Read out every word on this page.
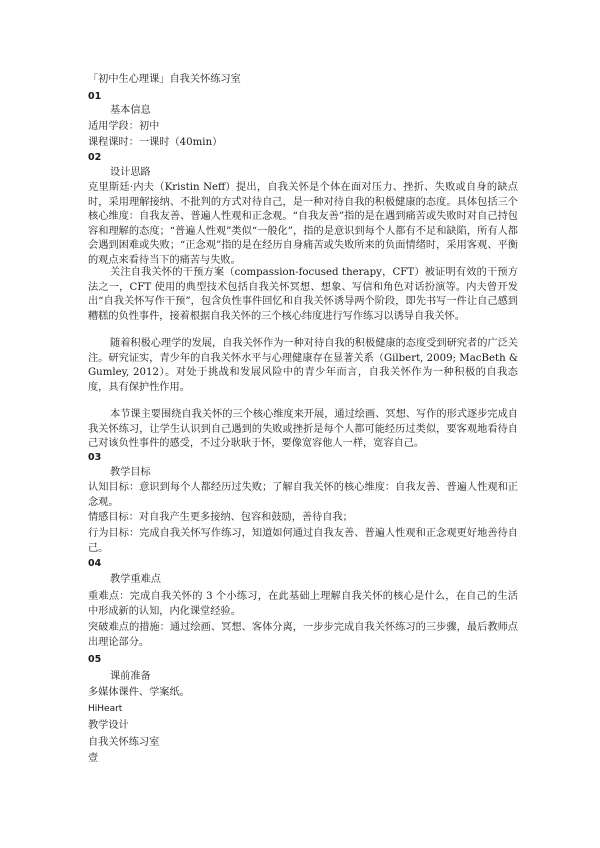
「初中生心理课」自我关怀练习室
01
基本信息
适用学段：初中
课程课时：一课时（40min）
02
设计思路
克里斯廷·内夫（Kristin Neff）提出，自我关怀是个体在面对压力、挫折、失败或自身的缺点时，采用理解接纳、不批判的方式对待自己，是一种对待自我的积极健康的态度。具体包括三个核心维度：自我友善、普遍人性观和正念观。“自我友善”指的是在遇到痛苦或失败时对自己持包容和理解的态度；“普遍人性观”类似“一般化”，指的是意识到每个人都有不足和缺陷，所有人都会遇到困难或失败；“正念观”指的是在经历自身痛苦或失败所来的负面情绪时，采用客观、平衡的观点来看待当下的痛苦与失败。
关注自我关怀的干预方案（compassion-focused therapy，CFT）被证明有效的干预方法之一，CFT 使用的典型技术包括自我关怀冥想、想象、写信和角色对话扮演等。内夫曾开发出“自我关怀写作干预”，包含负性事件回忆和自我关怀诱导两个阶段，即先书写一件让自己感到糟糕的负性事件，接着根据自我关怀的三个核心纬度进行写作练习以诱导自我关怀。
随着积极心理学的发展，自我关怀作为一种对待自我的积极健康的态度受到研究者的广泛关注。研究证实，青少年的自我关怀水平与心理健康存在显著关系（Gilbert, 2009; MacBeth & Gumley, 2012）。对处于挑战和发展风险中的青少年而言，自我关怀作为一种积极的自我态度，具有保护性作用。
本节课主要围绕自我关怀的三个核心维度来开展，通过绘画、冥想、写作的形式逐步完成自我关怀练习，让学生认识到自己遇到的失败或挫折是每个人都可能经历过类似，要客观地看待自己对该负性事件的感受，不过分耿耿于怀，要像宽容他人一样，宽容自己。
03
教学目标
认知目标：意识到每个人都经历过失败；了解自我关怀的核心维度：自我友善、普遍人性观和正念观。
情感目标：对自我产生更多接纳、包容和鼓励，善待自我；
行为目标：完成自我关怀写作练习，知道如何通过自我友善、普遍人性观和正念观更好地善待自己。
04
教学重难点
重难点：完成自我关怀的 3 个小练习，在此基础上理解自我关怀的核心是什么，在自己的生活中形成新的认知，内化课堂经验。
突破难点的措施：通过绘画、冥想、客体分离，一步步完成自我关怀练习的三步骤，最后教师点出理论部分。
05
课前准备
多媒体课件、学案纸。
HiHeart
教学设计
自我关怀练习室
壹
